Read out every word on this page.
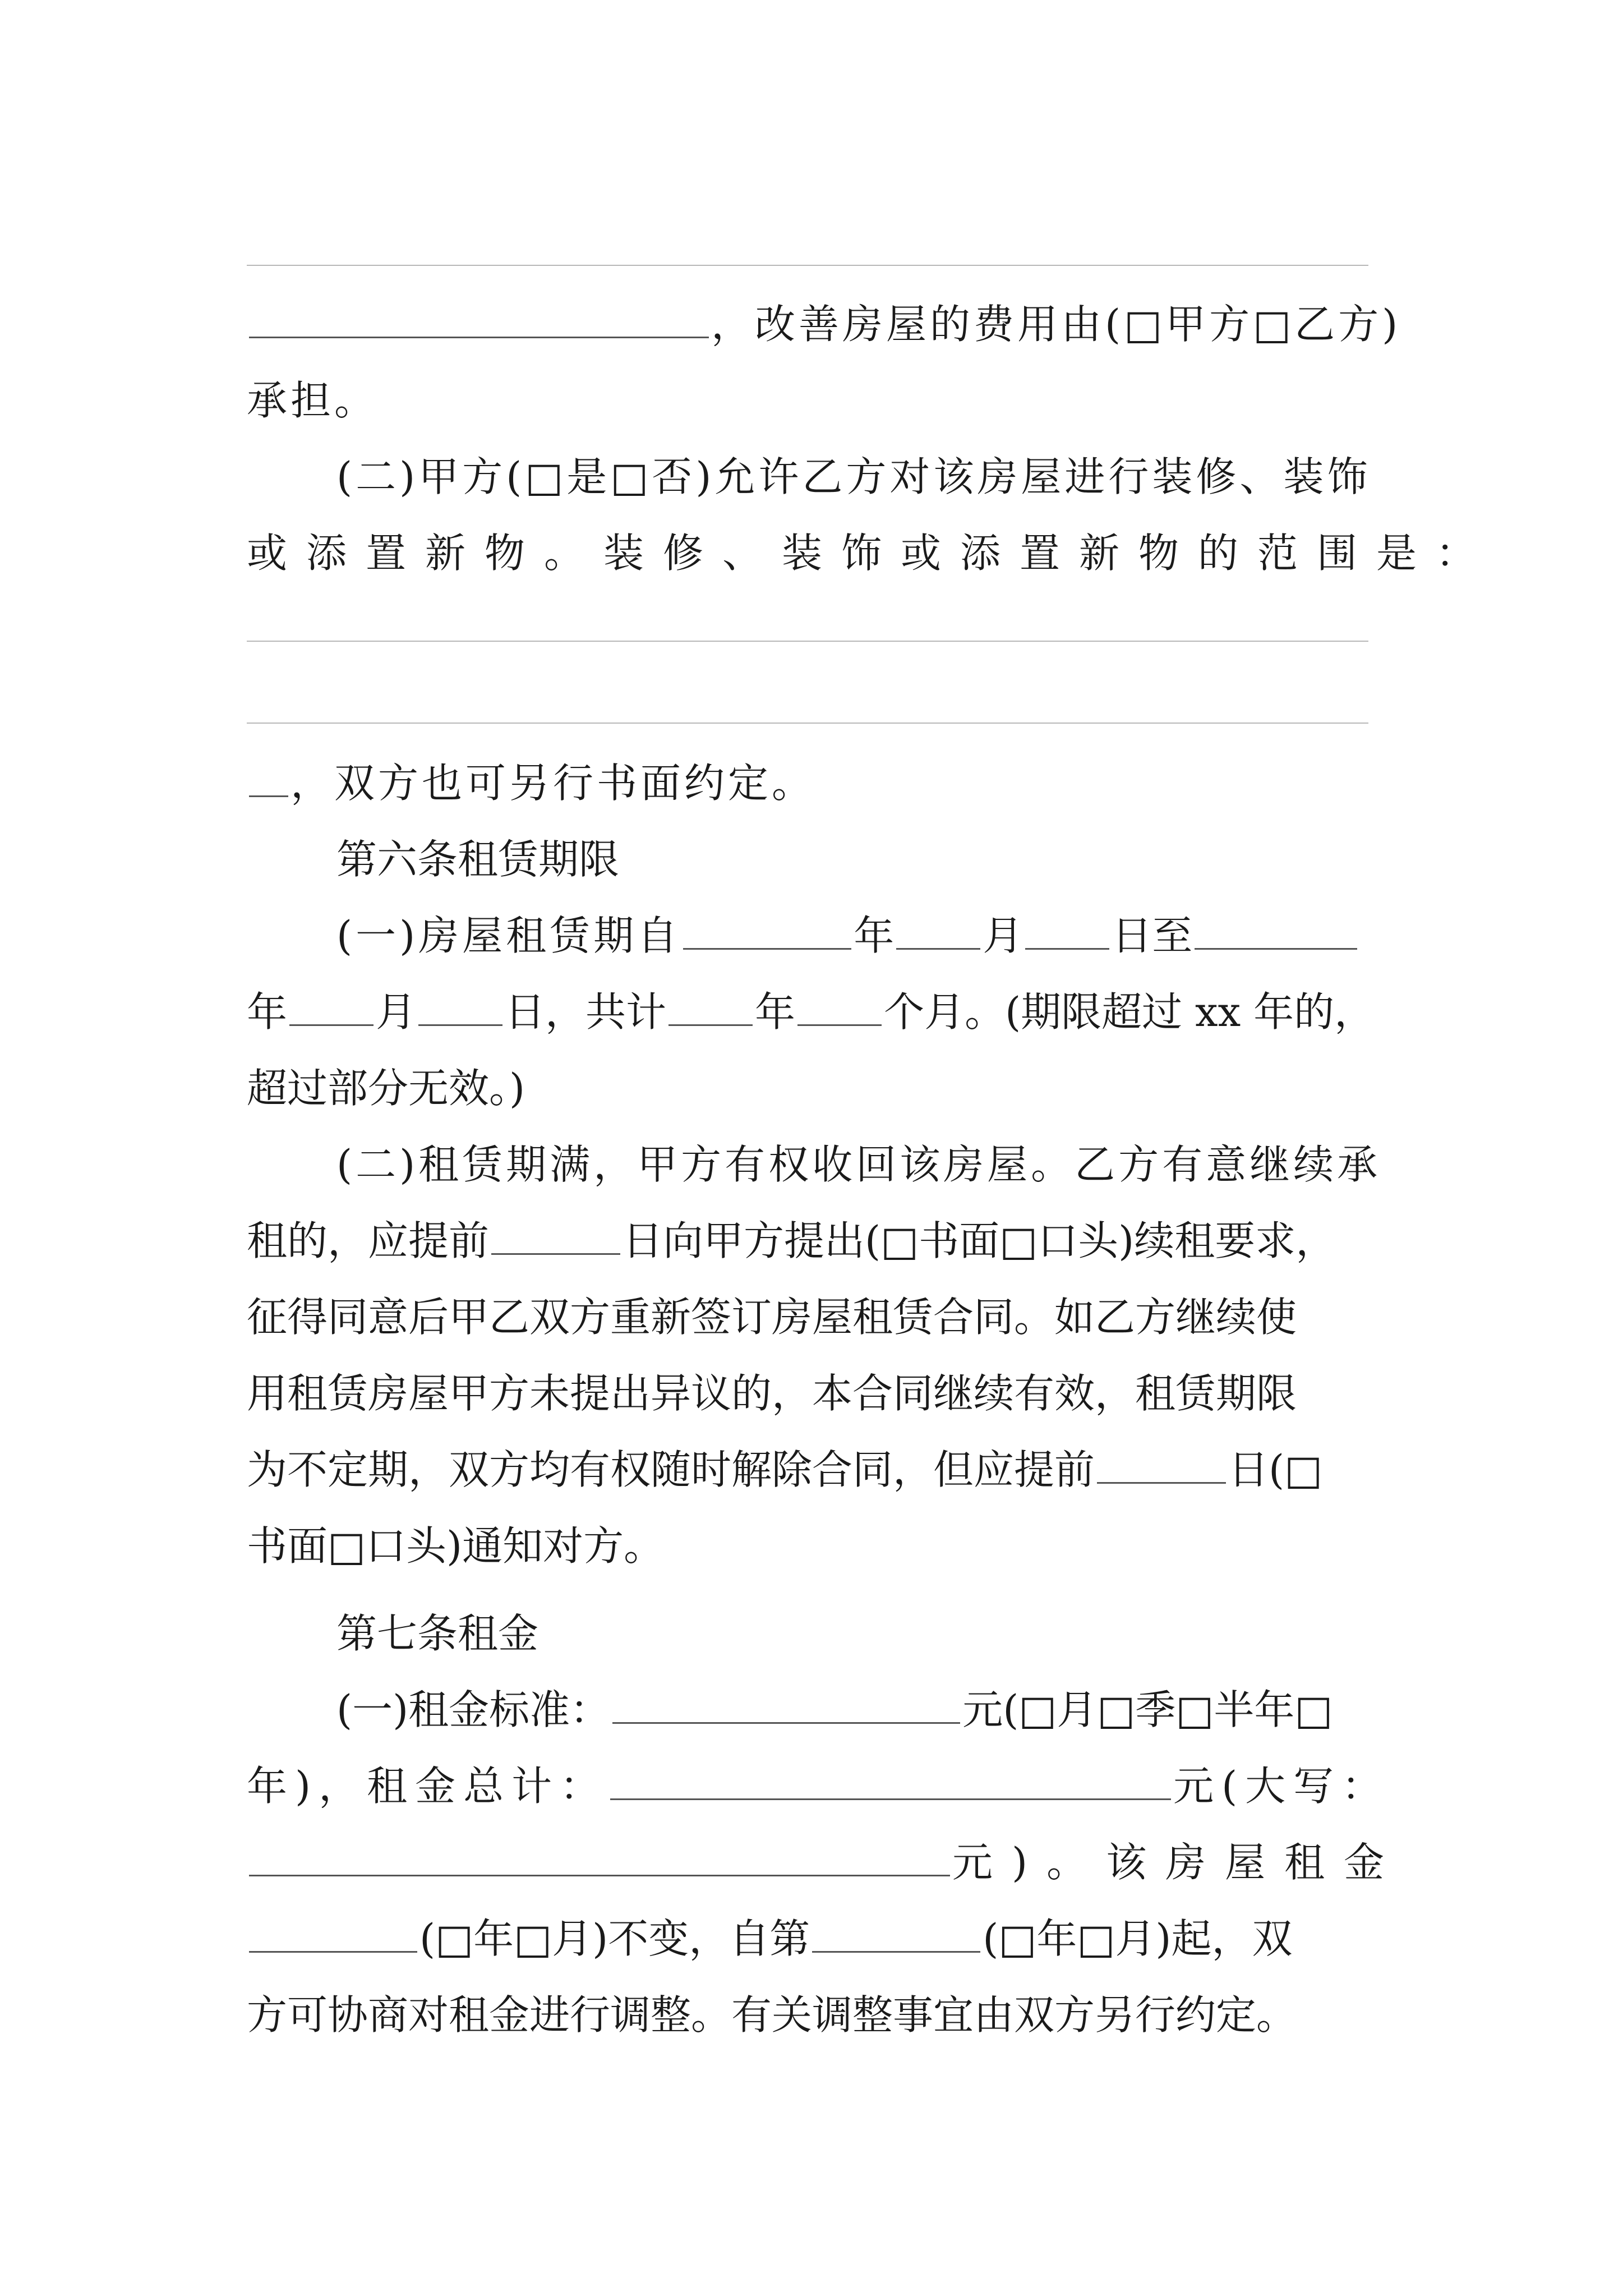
，改善房屋的费用由(□甲方□乙方)
承担。
(二)甲方(□是□否)允许乙方对该房屋进行装修、装饰
或添置新物。装修、装饰或添置新物的范围是：
，双方也可另行书面约定。
第六条租赁期限
(一)房屋租赁期自	年 月 日至
年 月 日，共计 年 个月。(期限超过 xx 年的，
超过部分无效。)
(二)租赁期满，甲方有权收回该房屋。乙方有意继续承
租的，应提前	日向甲方提出(□书面□口头)续租要求，
征得同意后甲乙双方重新签订房屋租赁合同。如乙方继续使
用租赁房屋甲方未提出异议的，本合同继续有效，租赁期限
为不定期，双方均有权随时解除合同，但应提前	日(□
书面□口头)通知对方。
第七条租金
(一)租金标准：	元(□月□季□半年□
年)，租金总计：	元(大写：
元)。该房屋租金
(□年□月)不变，自第	(□年□月)起，双
方可协商对租金进行调整。有关调整事宜由双方另行约定。
